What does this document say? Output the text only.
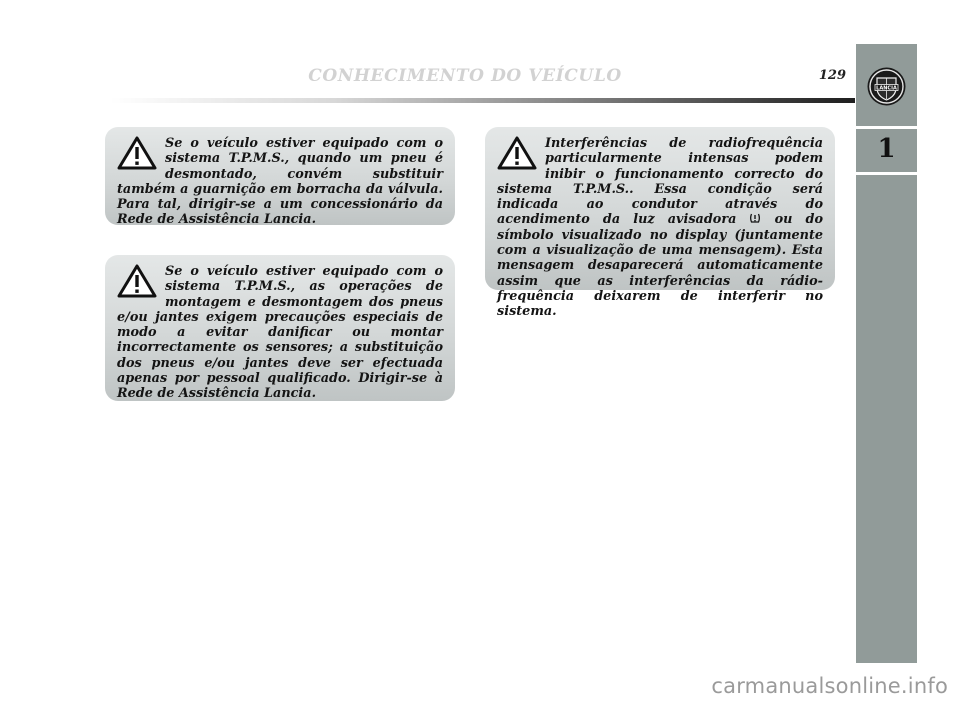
CONHECIMENTO DO VEÍCULO	129
LANCIA
1

Se o veículo estiver equipado com o sistema T.P.M.S., quando um pneu é desmontado, convém substituir também a guarnição em borracha da válvula. Para tal, dirigir-se a um concessionário da Rede de Assistência Lancia.

Se o veículo estiver equipado com o sistema T.P.M.S., as operações de montagem e desmontagem dos pneus e/ou jantes exigem precauções especiais de modo a evitar danificar ou montar incorrectamente os sensores; a substituição dos pneus e/ou jantes deve ser efectuada apenas por pessoal qualificado. Dirigir-se à Rede de Assistência Lancia.

Interferências de radiofrequência particularmente intensas podem inibir o funcionamento correcto do sistema T.P.M.S.. Essa condição será indicada ao condutor através do acendimento da luz avisadora  ou do símbolo visualizado no display (juntamente com a visualização de uma mensagem). Esta mensagem desaparecerá automaticamente assim que as interferências da rádio-frequência deixarem de interferir no sistema.

carmanualsonline.info
